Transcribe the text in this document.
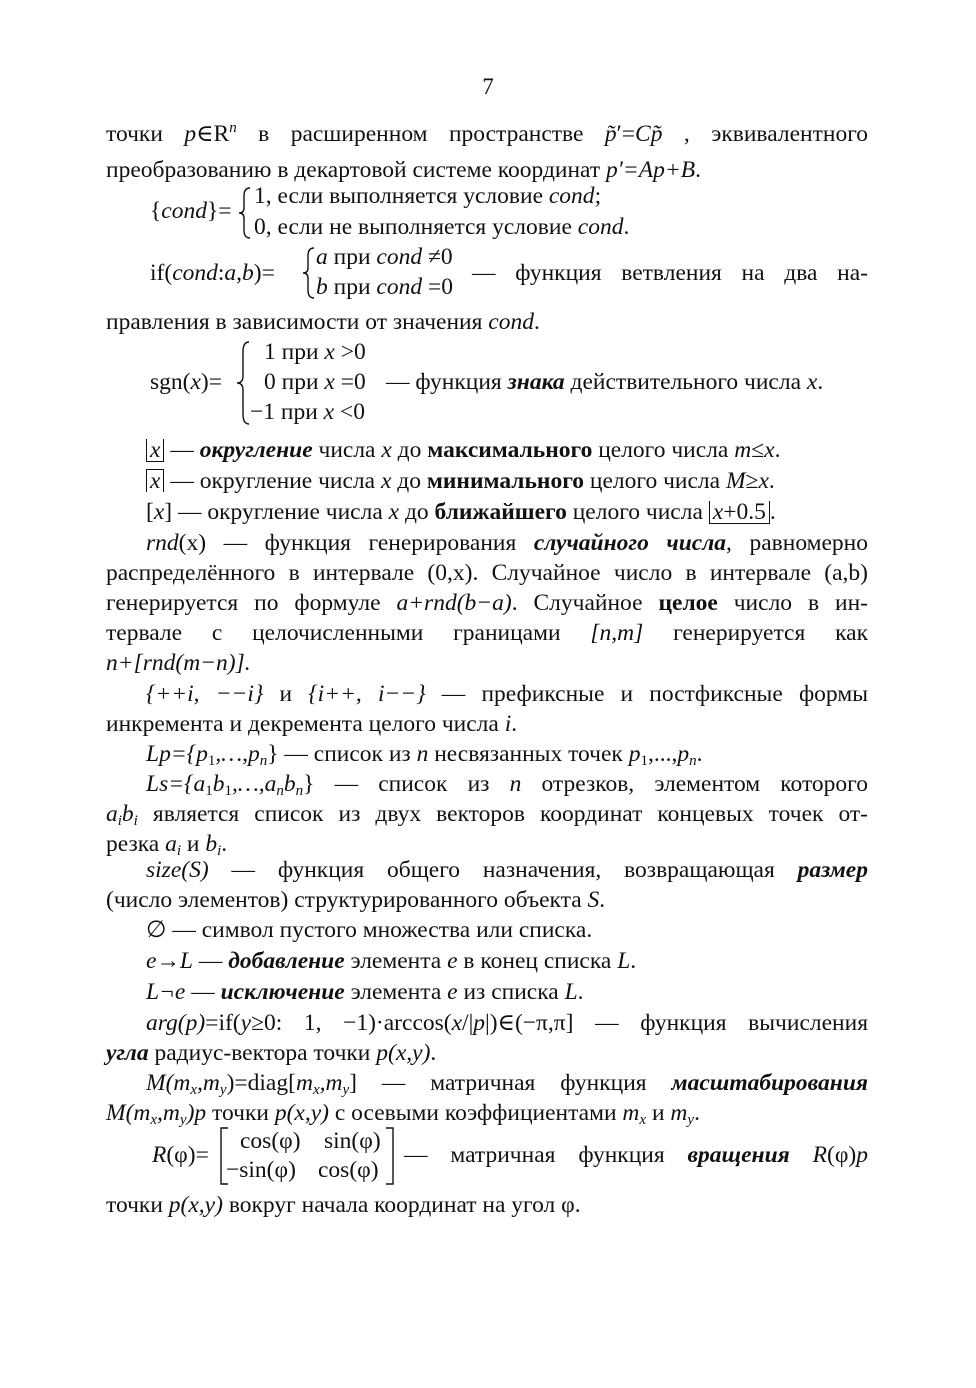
7
точки $p\in R^n$ в расширенном пространстве p̃′=Cp̃ , эквивалентного
преобразованию в декартовой системе координат p′=Ap+B.
{cond}=
1, если выполняется условие cond;
0, если не выполняется условие cond.
if(cond:a,b)=
a при cond ≠0
b при cond =0
— функция ветвления на два на-
правления в зависимости от значения cond.
sgn(x)=
1 при x >0
0 при x =0
−1 при x <0
— функция знака действительного числа x.
x — округление числа x до максимального целого числа m≤x.
x — округление числа x до минимального целого числа M≥x.
[x] — округление числа x до ближайшего целого числа x+0.5 .
rnd(x) — функция генерирования случайного числа, равномерно
распределённого в интервале (0,x). Случайное число в интервале (a,b)
генерируется по формуле a+rnd(b−a). Случайное целое число в ин-
тервале с целочисленными границами [n,m] генерируется как
n+[rnd(m−n)].
{++i, −−i} и {i++, i−−} — префиксные и постфиксные формы
инкремента и декремента целого числа i.
$Lp=\{p_1,\dots,p_n\}$ — список из n несвязанных точек $p_1,...,p_n$.
$Ls=\{a_1b_1,\dots,a_nb_n\}$ — список из n отрезков, элементом которого
$a_ib_i$ является список из двух векторов координат концевых точек от-
резка $a_i$ и $b_i$.
size(S) — функция общего назначения, возвращающая размер
(число элементов) структурированного объекта S.
∅ — символ пустого множества или списка.
e→L — добавление элемента e в конец списка L.
L¬e — исключение элемента e из списка L.
arg(p)=if(y≥0: 1, −1)·arccos(x/|p|)∈(−π,π] — функция вычисления
угла радиус-вектора точки p(x,y).
$M(m_x,m_y)=diag[m_x,m_y]$ — матричная функция масштабирования
$M(m_x,m_y)p$ точки p(x,y) с осевыми коэффициентами $m_x$ и $m_y$.
R(φ)=
cos(φ) sin(φ)
−sin(φ) cos(φ)
— матричная функция вращения R(φ)p
точки p(x,y) вокруг начала координат на угол φ.
